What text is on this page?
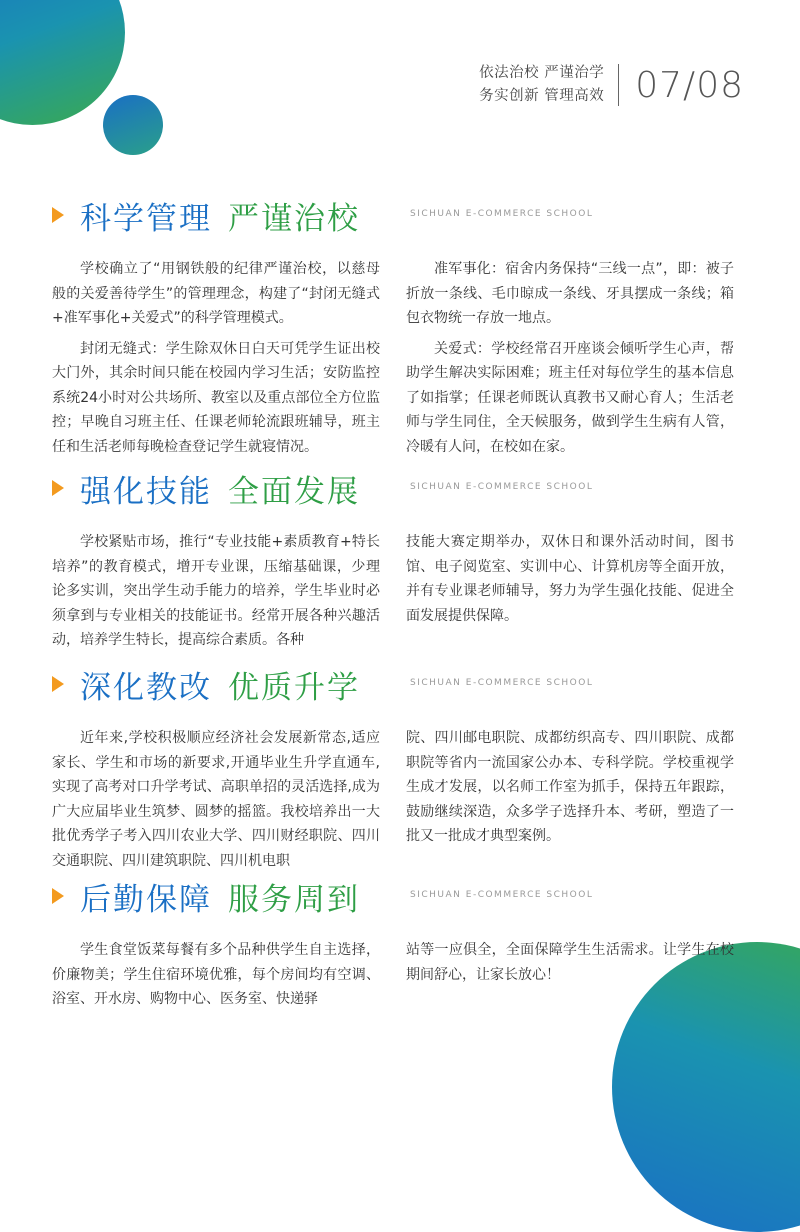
依法治校 严谨治学
务实创新 管理高效 07/08
科学管理 严谨治校	SICHUAN E-COMMERCE SCHOOL

学校确立了“用钢铁般的纪律严谨治校，以慈母般的关爱善待学生”的管理理念，构建了“封闭无缝式+准军事化+关爱式”的科学管理模式。

封闭无缝式：学生除双休日白天可凭学生证出校大门外，其余时间只能在校园内学习生活；安防监控系统24小时对公共场所、教室以及重点部位全方位监控；早晚自习班主任、任课老师轮流跟班辅导，班主任和生活老师每晚检查登记学生就寝情况。

准军事化：宿舍内务保持“三线一点”，即：被子折放一条线、毛巾晾成一条线、牙具摆成一条线；箱包衣物统一存放一地点。

关爱式：学校经常召开座谈会倾听学生心声，帮助学生解决实际困难；班主任对每位学生的基本信息了如指掌；任课老师既认真教书又耐心育人；生活老师与学生同住，全天候服务，做到学生生病有人管，冷暖有人问，在校如在家。

强化技能 全面发展	SICHUAN E-COMMERCE SCHOOL

学校紧贴市场，推行“专业技能+素质教育+特长培养”的教育模式，增开专业课，压缩基础课，少理论多实训，突出学生动手能力的培养，学生毕业时必须拿到与专业相关的技能证书。经常开展各种兴趣活动，培养学生特长，提高综合素质。各种

技能大赛定期举办，双休日和课外活动时间，图书馆、电子阅览室、实训中心、计算机房等全面开放，并有专业课老师辅导，努力为学生强化技能、促进全面发展提供保障。

深化教改 优质升学	SICHUAN E-COMMERCE SCHOOL

近年来,学校积极顺应经济社会发展新常态,适应家长、学生和市场的新要求,开通毕业生升学直通车,实现了高考对口升学考试、高职单招的灵活选择,成为广大应届毕业生筑梦、圆梦的摇篮。我校培养出一大批优秀学子考入四川农业大学、四川财经职院、四川交通职院、四川建筑职院、四川机电职

院、四川邮电职院、成都纺织高专、四川职院、成都职院等省内一流国家公办本、专科学院。学校重视学生成才发展，以名师工作室为抓手，保持五年跟踪，鼓励继续深造，众多学子选择升本、考研，塑造了一批又一批成才典型案例。

后勤保障 服务周到	SICHUAN E-COMMERCE SCHOOL

学生食堂饭菜每餐有多个品种供学生自主选择，价廉物美；学生住宿环境优雅，每个房间均有空调、浴室、开水房、购物中心、医务室、快递驿

站等一应俱全，全面保障学生生活需求。让学生在校期间舒心，让家长放心！
